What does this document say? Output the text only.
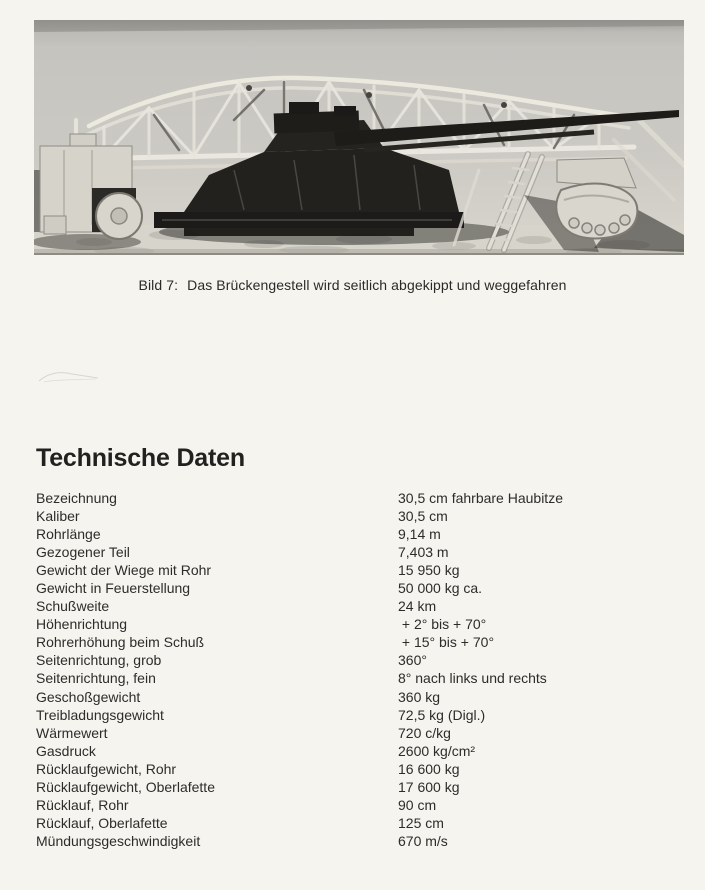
Bild 7: Das Brückengestell wird seitlich abgekippt und weggefahren
Technische Daten
Bezeichnung	30,5 cm fahrbare Haubitze
Kaliber	30,5 cm
Rohrlänge	9,14 m
Gezogener Teil	7,403 m
Gewicht der Wiege mit Rohr	15 950 kg
Gewicht in Feuerstellung	50 000 kg ca.
Schußweite	24 km
Höhenrichtung	+ 2° bis + 70°
Rohrerhöhung beim Schuß	+ 15° bis + 70°
Seitenrichtung, grob	360°
Seitenrichtung, fein	8° nach links und rechts
Geschoßgewicht	360 kg
Treibladungsgewicht	72,5 kg (Digl.)
Wärmewert	720 c/kg
Gasdruck	2600 kg/cm²
Rücklaufgewicht, Rohr	16 600 kg
Rücklaufgewicht, Oberlafette	17 600 kg
Rücklauf, Rohr	90 cm
Rücklauf, Oberlafette	125 cm
Mündungsgeschwindigkeit	670 m/s
